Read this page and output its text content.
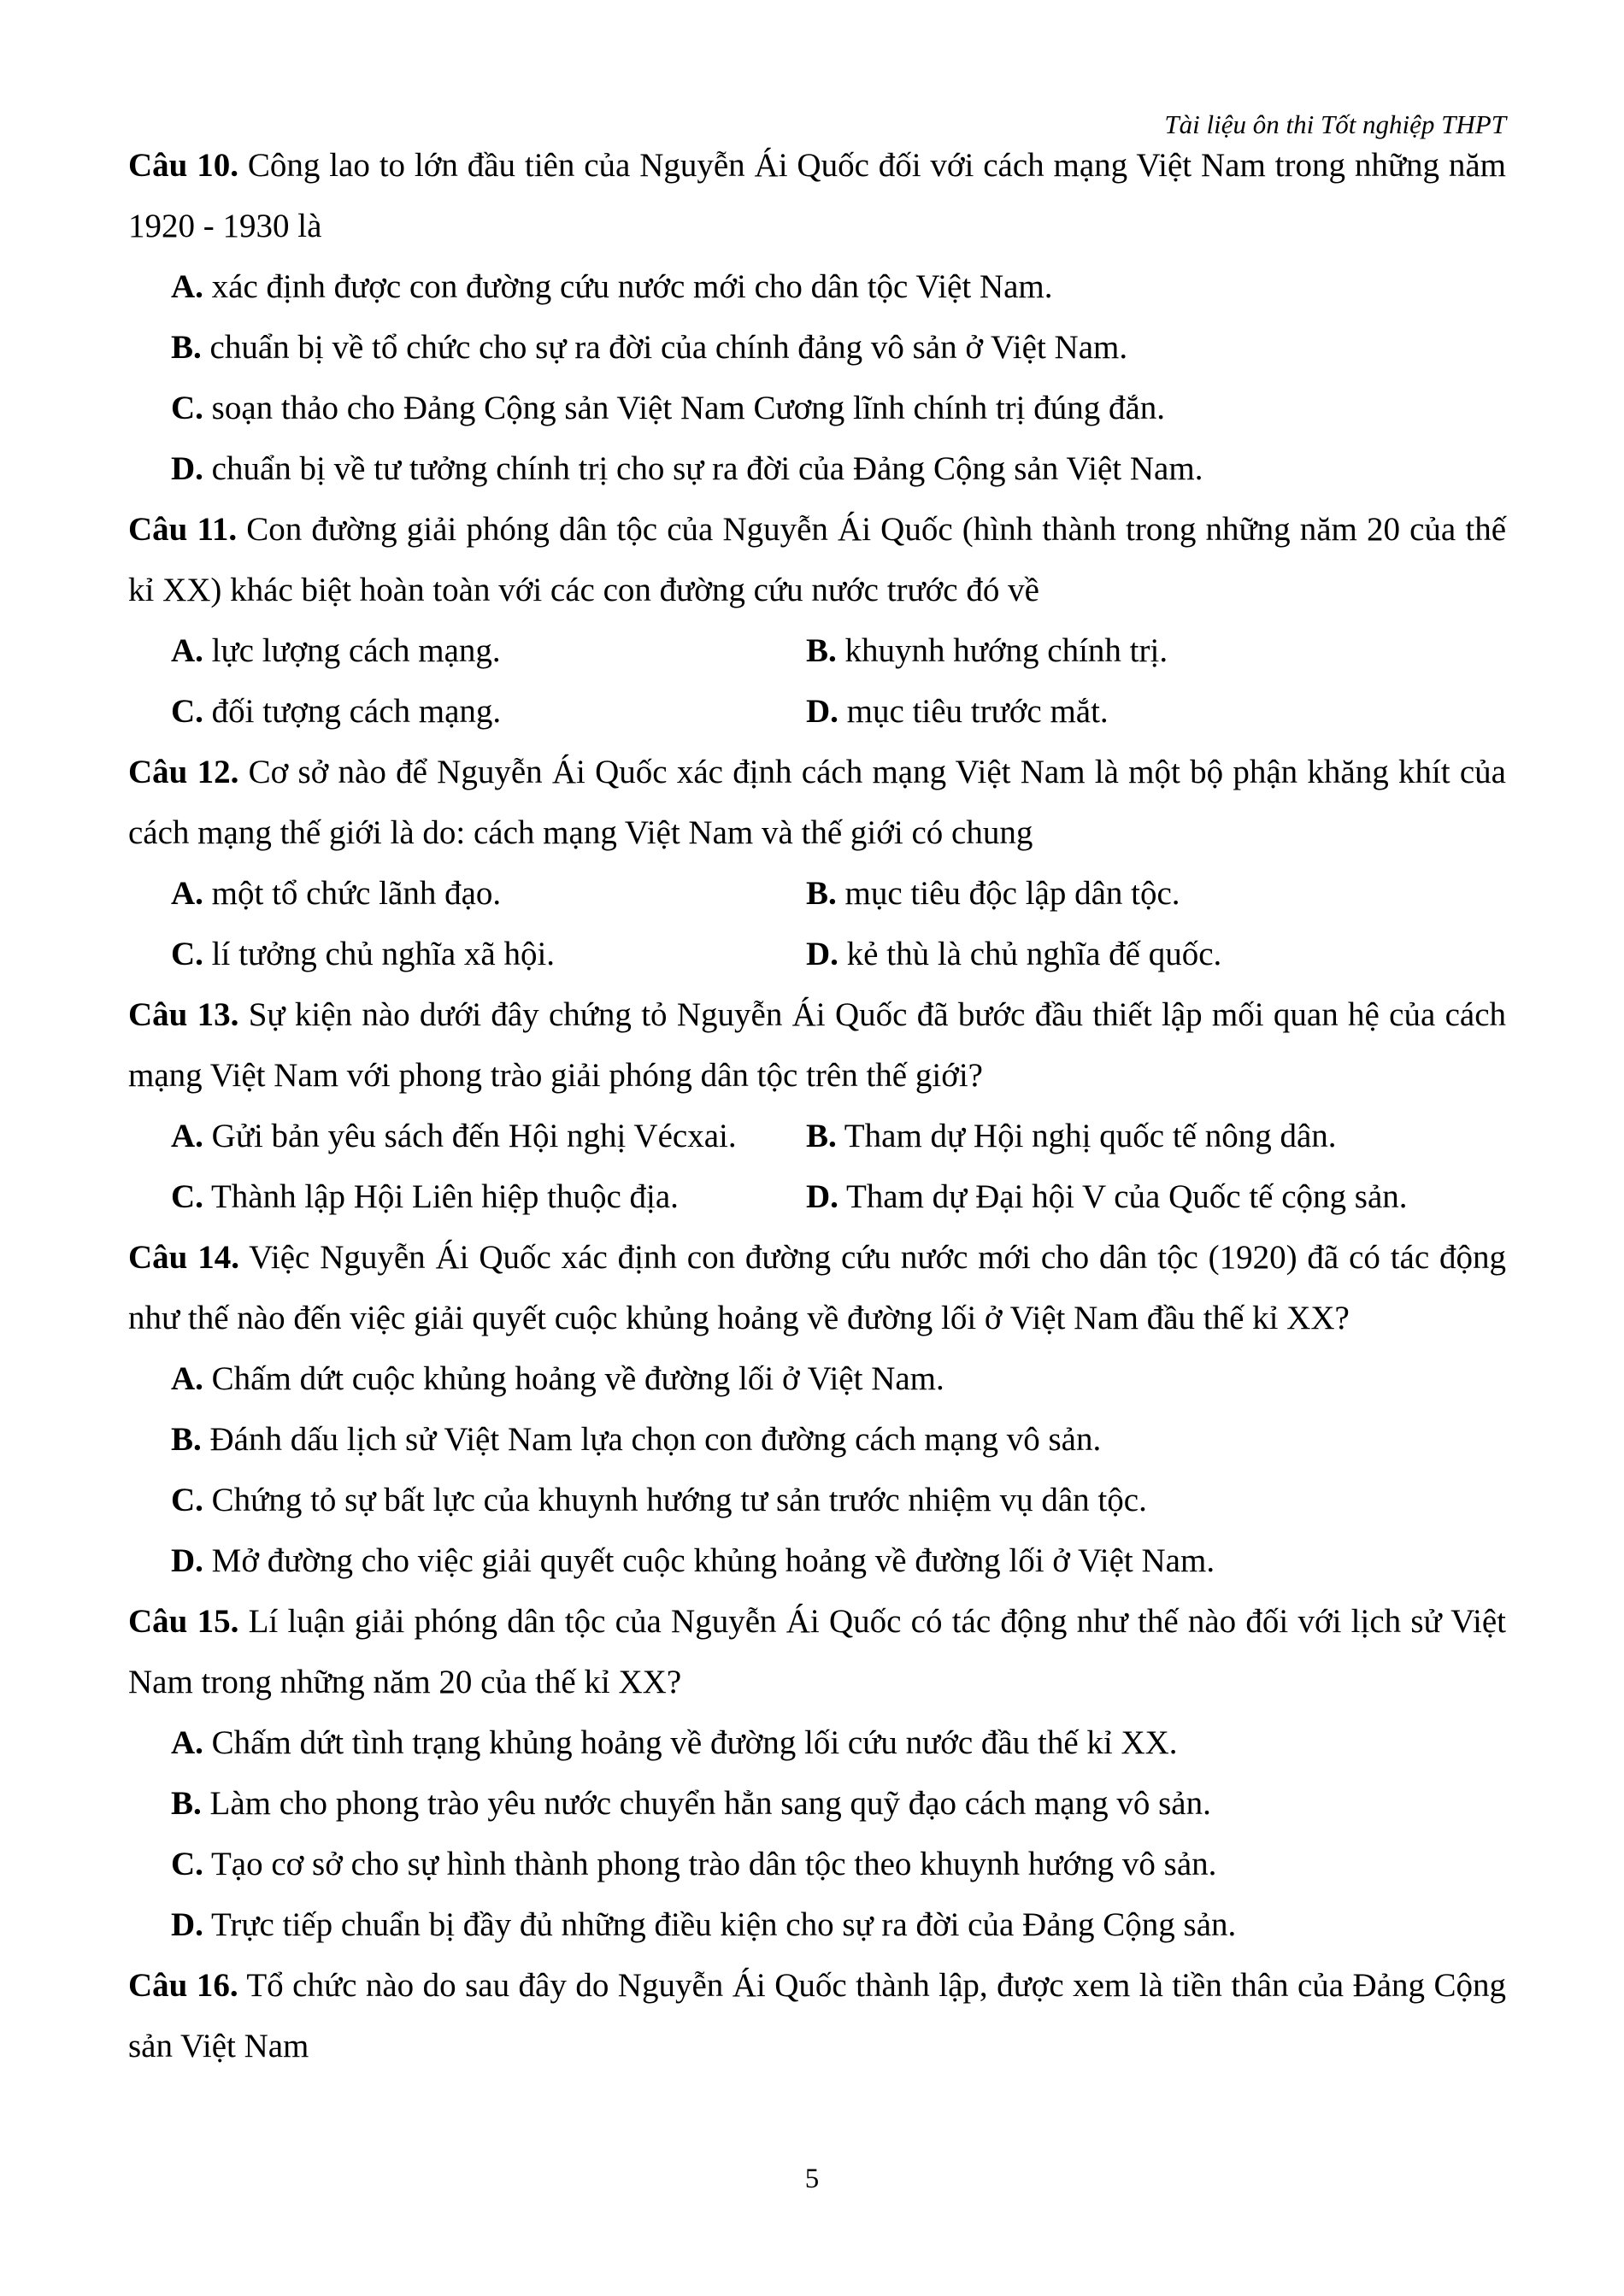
Tài liệu ôn thi Tốt nghiệp THPT

Câu 10. Công lao to lớn đầu tiên của Nguyễn Ái Quốc đối với cách mạng Việt Nam trong những năm 1920 - 1930 là

A. xác định được con đường cứu nước mới cho dân tộc Việt Nam.

B. chuẩn bị về tổ chức cho sự ra đời của chính đảng vô sản ở Việt Nam.

C. soạn thảo cho Đảng Cộng sản Việt Nam Cương lĩnh chính trị đúng đắn.

D. chuẩn bị về tư tưởng chính trị cho sự ra đời của Đảng Cộng sản Việt Nam.

Câu 11. Con đường giải phóng dân tộc của Nguyễn Ái Quốc (hình thành trong những năm 20 của thế kỉ XX) khác biệt hoàn toàn với các con đường cứu nước trước đó về

A. lực lượng cách mạng.	B. khuynh hướng chính trị.
C. đối tượng cách mạng.	D. mục tiêu trước mắt.

Câu 12. Cơ sở nào để Nguyễn Ái Quốc xác định cách mạng Việt Nam là một bộ phận khăng khít của cách mạng thế giới là do: cách mạng Việt Nam và thế giới có chung

A. một tổ chức lãnh đạo.	B. mục tiêu độc lập dân tộc.
C. lí tưởng chủ nghĩa xã hội.	D. kẻ thù là chủ nghĩa đế quốc.

Câu 13. Sự kiện nào dưới đây chứng tỏ Nguyễn Ái Quốc đã bước đầu thiết lập mối quan hệ của cách mạng Việt Nam với phong trào giải phóng dân tộc trên thế giới?

A. Gửi bản yêu sách đến Hội nghị Vécxai.	B. Tham dự Hội nghị quốc tế nông dân.
C. Thành lập Hội Liên hiệp thuộc địa.	D. Tham dự Đại hội V của Quốc tế cộng sản.

Câu 14. Việc Nguyễn Ái Quốc xác định con đường cứu nước mới cho dân tộc (1920) đã có tác động như thế nào đến việc giải quyết cuộc khủng hoảng về đường lối ở Việt Nam đầu thế kỉ XX?

A. Chấm dứt cuộc khủng hoảng về đường lối ở Việt Nam.

B. Đánh dấu lịch sử Việt Nam lựa chọn con đường cách mạng vô sản.

C. Chứng tỏ sự bất lực của khuynh hướng tư sản trước nhiệm vụ dân tộc.

D. Mở đường cho việc giải quyết cuộc khủng hoảng về đường lối ở Việt Nam.

Câu 15. Lí luận giải phóng dân tộc của Nguyễn Ái Quốc có tác động như thế nào đối với lịch sử Việt Nam trong những năm 20 của thế kỉ XX?

A. Chấm dứt tình trạng khủng hoảng về đường lối cứu nước đầu thế kỉ XX.

B. Làm cho phong trào yêu nước chuyển hẳn sang quỹ đạo cách mạng vô sản.

C. Tạo cơ sở cho sự hình thành phong trào dân tộc theo khuynh hướng vô sản.

D. Trực tiếp chuẩn bị đầy đủ những điều kiện cho sự ra đời của Đảng Cộng sản.

Câu 16. Tổ chức nào do sau đây do Nguyễn Ái Quốc thành lập, được xem là tiền thân của Đảng Cộng sản Việt Nam

5
